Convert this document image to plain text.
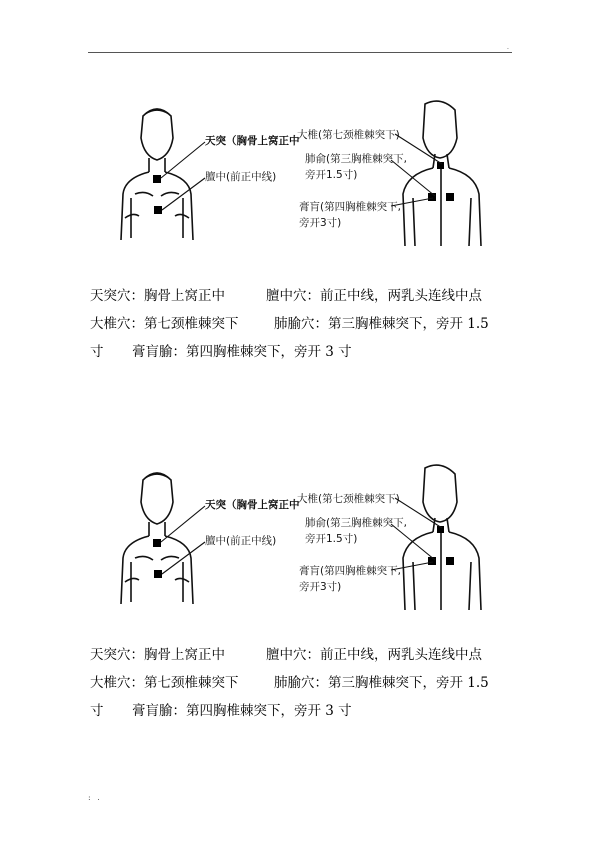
.
天突（胸骨上窝正中
膻中(前正中线)
大椎(第七颈椎棘突下)
肺俞(第三胸椎棘突下,
旁开1.5寸)
膏肓(第四胸椎棘突下,
旁开3寸)
天突穴：胸骨上窝正中	膻中穴：前正中线，两乳头连线中点
大椎穴：第七颈椎棘突下	肺腧穴：第三胸椎棘突下，旁开 1.5
寸 膏肓腧：第四胸椎棘突下，旁开 3 寸
天突（胸骨上窝正中
膻中(前正中线)
大椎(第七颈椎棘突下)
肺俞(第三胸椎棘突下,
旁开1.5寸)
膏肓(第四胸椎棘突下,
旁开3寸)
天突穴：胸骨上窝正中	膻中穴：前正中线，两乳头连线中点
大椎穴：第七颈椎棘突下	肺腧穴：第三胸椎棘突下，旁开 1.5
寸 膏肓腧：第四胸椎棘突下，旁开 3 寸
: .
